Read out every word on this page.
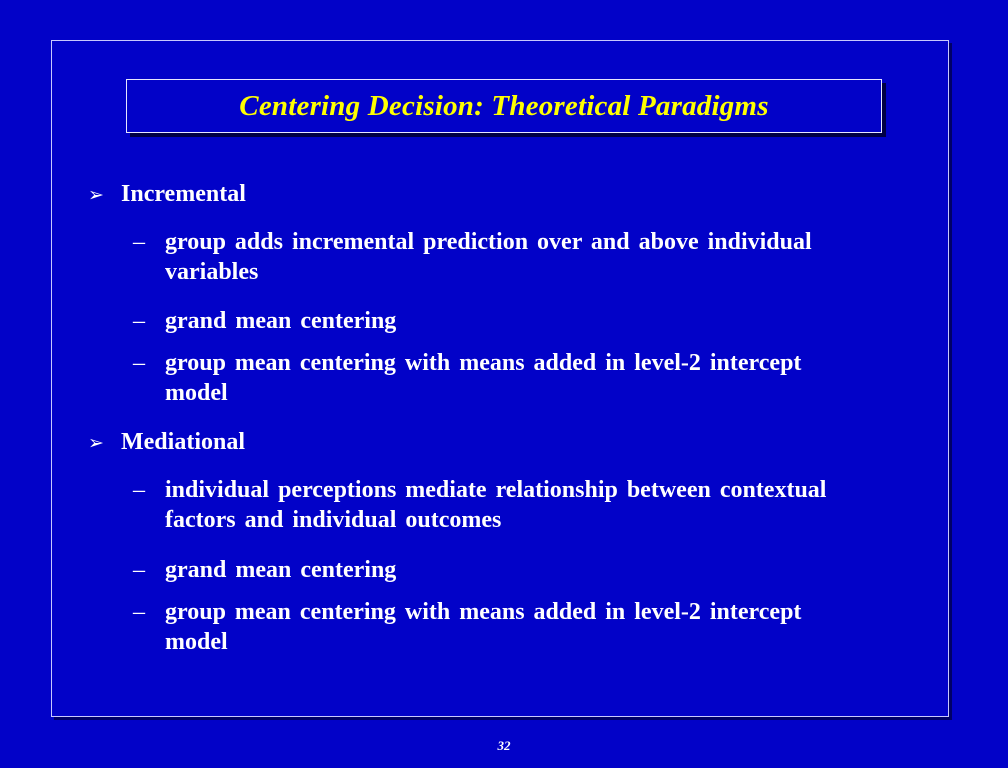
Centering Decision: Theoretical Paradigms
➢ Incremental
– group adds incremental prediction over and above individual variables
– grand mean centering
– group mean centering with means added in level-2 intercept model
➢ Mediational
– individual perceptions mediate relationship between contextual factors and individual outcomes
– grand mean centering
– group mean centering with means added in level-2 intercept model
32
